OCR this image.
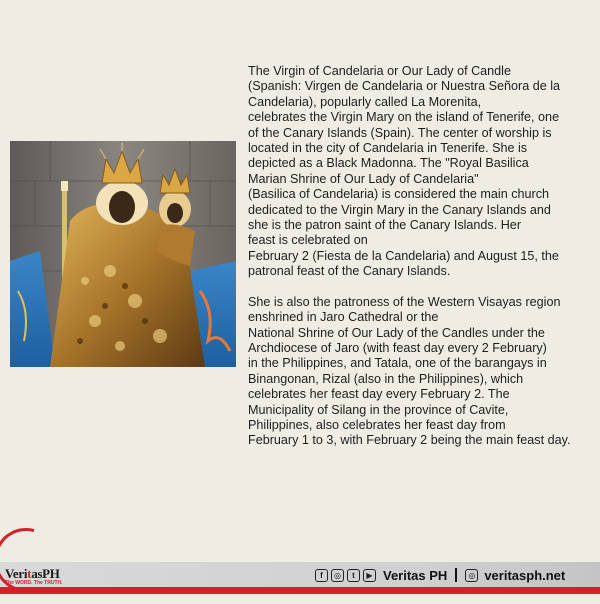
The Virgin of Candelaria or Our Lady of Candle
(Spanish: Virgen de Candelaria or Nuestra Señora de la
Candelaria), popularly called La Morenita,
celebrates the Virgin Mary on the island of Tenerife, one
of the Canary Islands (Spain). The center of worship is
located in the city of Candelaria in Tenerife. She is
depicted as a Black Madonna. The "Royal Basilica
Marian Shrine of Our Lady of Candelaria"
(Basilica of Candelaria) is considered the main church
dedicated to the Virgin Mary in the Canary Islands and
she is the patron saint of the Canary Islands. Her
feast is celebrated on
February 2 (Fiesta de la Candelaria) and August 15, the
patronal feast of the Canary Islands.
She is also the patroness of the Western Visayas region
enshrined in Jaro Cathedral or the
National Shrine of Our Lady of the Candles under the
Archdiocese of Jaro (with feast day every 2 February)
in the Philippines, and Tatala, one of the barangays in
Binangonan, Rizal (also in the Philippines), which
celebrates her feast day every February 2. The
Municipality of Silang in the province of Cavite,
Philippines, also celebrates her feast day from
February 1 to 3, with February 2 being the main feast day.
VeritasPH
The WORD. The TRUTH.
f	◎	t	▶ Veritas PH	◎ veritasph.net
